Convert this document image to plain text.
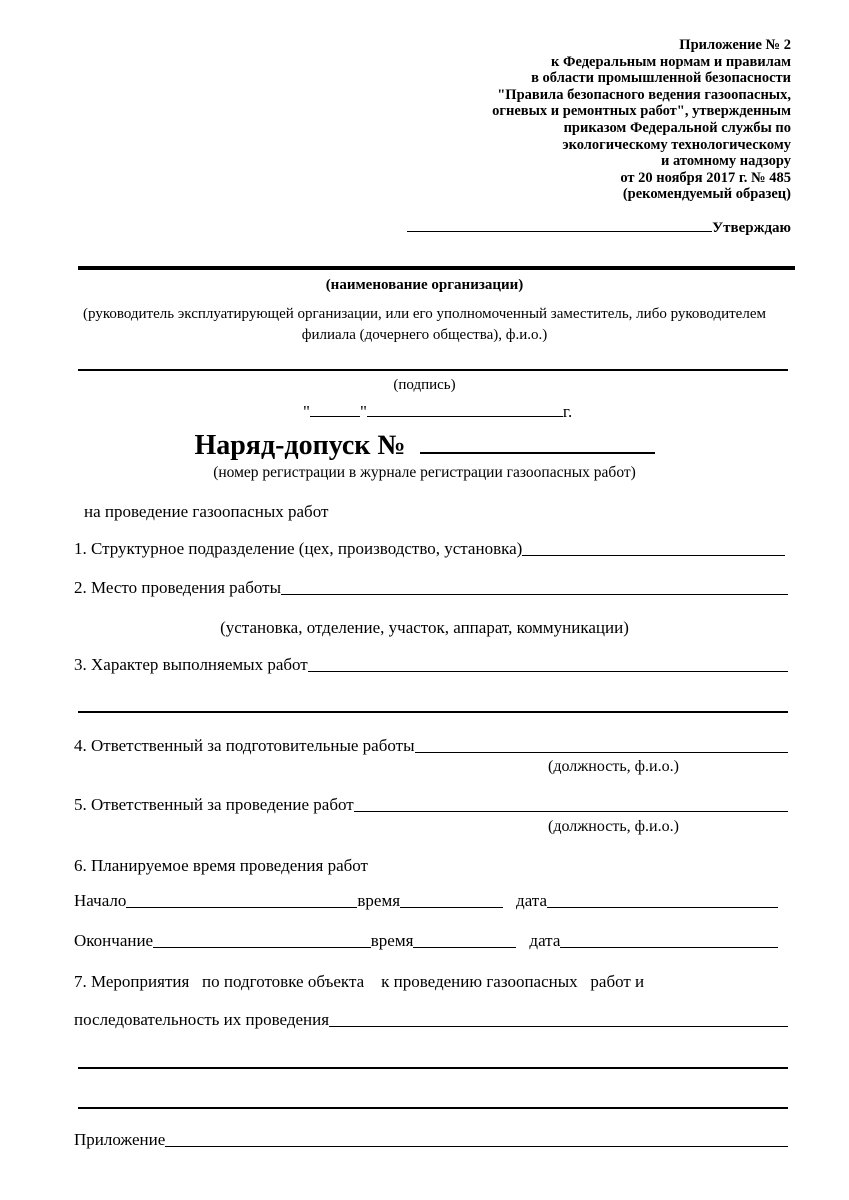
Приложение № 2
к Федеральным нормам и правилам
в области промышленной безопасности
"Правила безопасного ведения газоопасных,
огневых и ремонтных работ", утвержденным
приказом Федеральной службы по
экологическому технологическому
и атомному надзору
от 20 ноября 2017 г. № 485
(рекомендуемый образец)
Утверждаю
(наименование организации)
(руководитель эксплуатирующей организации, или его уполномоченный заместитель, либо руководителем
филиала (дочернего общества), ф.и.о.)
(подпись)
"	"	г.
Наряд-допуск №
(номер регистрации в журнале регистрации газоопасных работ)
на проведение газоопасных работ
1. Структурное подразделение (цех, производство, установка)
2. Место проведения работы
(установка, отделение, участок, аппарат, коммуникации)
3. Характер выполняемых работ
4. Ответственный за подготовительные работы
(должность, ф.и.о.)
5. Ответственный за проведение работ
(должность, ф.и.о.)
6. Планируемое время проведения работ
Начало	время	дата
Окончание	время	дата
7. Мероприятия   по подготовке объекта    к проведению газоопасных   работ и
последовательность их проведения
Приложение
